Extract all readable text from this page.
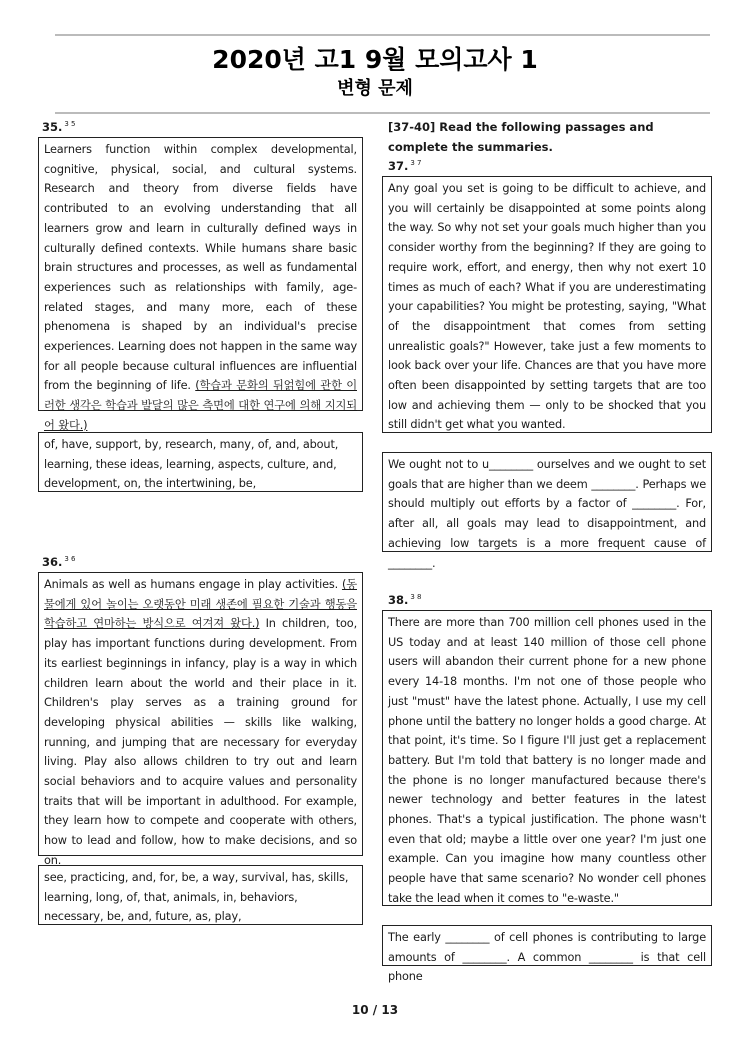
2020년 고1 9월 모의고사 1
변형 문제
35. $^{3 5}$
Learners function within complex developmental, cognitive, physical, social, and cultural systems. Research and theory from diverse fields have contributed to an evolving understanding that all learners grow and learn in culturally defined ways in culturally defined contexts. While humans share basic brain structures and processes, as well as fundamental experiences such as relationships with family, age-related stages, and many more, each of these phenomena is shaped by an individual's precise experiences. Learning does not happen in the same way for all people because cultural influences are influential from the beginning of life. (학습과 문화의 뒤얽힘에 관한 이러한 생각은 학습과 발달의 많은 측면에 대한 연구에 의해 지지되어 왔다.)
of, have, support, by, research, many, of, and, about, learning, these ideas, learning, aspects, culture, and, development, on, the intertwining, be,
36. $^{3 6}$
Animals as well as humans engage in play activities. (동물에게 있어 놀이는 오랫동안 미래 생존에 필요한 기술과 행동을 학습하고 연마하는 방식으로 여겨져 왔다.) In children, too, play has important functions during development. From its earliest beginnings in infancy, play is a way in which children learn about the world and their place in it. Children's play serves as a training ground for developing physical abilities — skills like walking, running, and jumping that are necessary for everyday living. Play also allows children to try out and learn social behaviors and to acquire values and personality traits that will be important in adulthood. For example, they learn how to compete and cooperate with others, how to lead and follow, how to make decisions, and so on.
see, practicing, and, for, be, a way, survival, has, skills, learning, long, of, that, animals, in, behaviors, necessary, be, and, future, as, play,
[37-40] Read the following passages and complete the summaries.
37. $^{3 7}$
Any goal you set is going to be difficult to achieve, and you will certainly be disappointed at some points along the way. So why not set your goals much higher than you consider worthy from the beginning? If they are going to require work, effort, and energy, then why not exert 10 times as much of each? What if you are underestimating your capabilities? You might be protesting, saying, "What of the disappointment that comes from setting unrealistic goals?" However, take just a few moments to look back over your life. Chances are that you have more often been disappointed by setting targets that are too low and achieving them — only to be shocked that you still didn't get what you wanted.
We ought not to u________ ourselves and we ought to set goals that are higher than we deem ________. Perhaps we should multiply out efforts by a factor of ________. For, after all, all goals may lead to disappointment, and achieving low targets is a more frequent cause of ________.
38. $^{3 8}$
There are more than 700 million cell phones used in the US today and at least 140 million of those cell phone users will abandon their current phone for a new phone every 14-18 months. I'm not one of those people who just "must" have the latest phone. Actually, I use my cell phone until the battery no longer holds a good charge. At that point, it's time. So I figure I'll just get a replacement battery. But I'm told that battery is no longer made and the phone is no longer manufactured because there's newer technology and better features in the latest phones. That's a typical justification. The phone wasn't even that old; maybe a little over one year? I'm just one example. Can you imagine how many countless other people have that same scenario? No wonder cell phones take the lead when it comes to "e-waste."
The early ________ of cell phones is contributing to large amounts of ________. A common ________ is that cell phone
10 / 13
